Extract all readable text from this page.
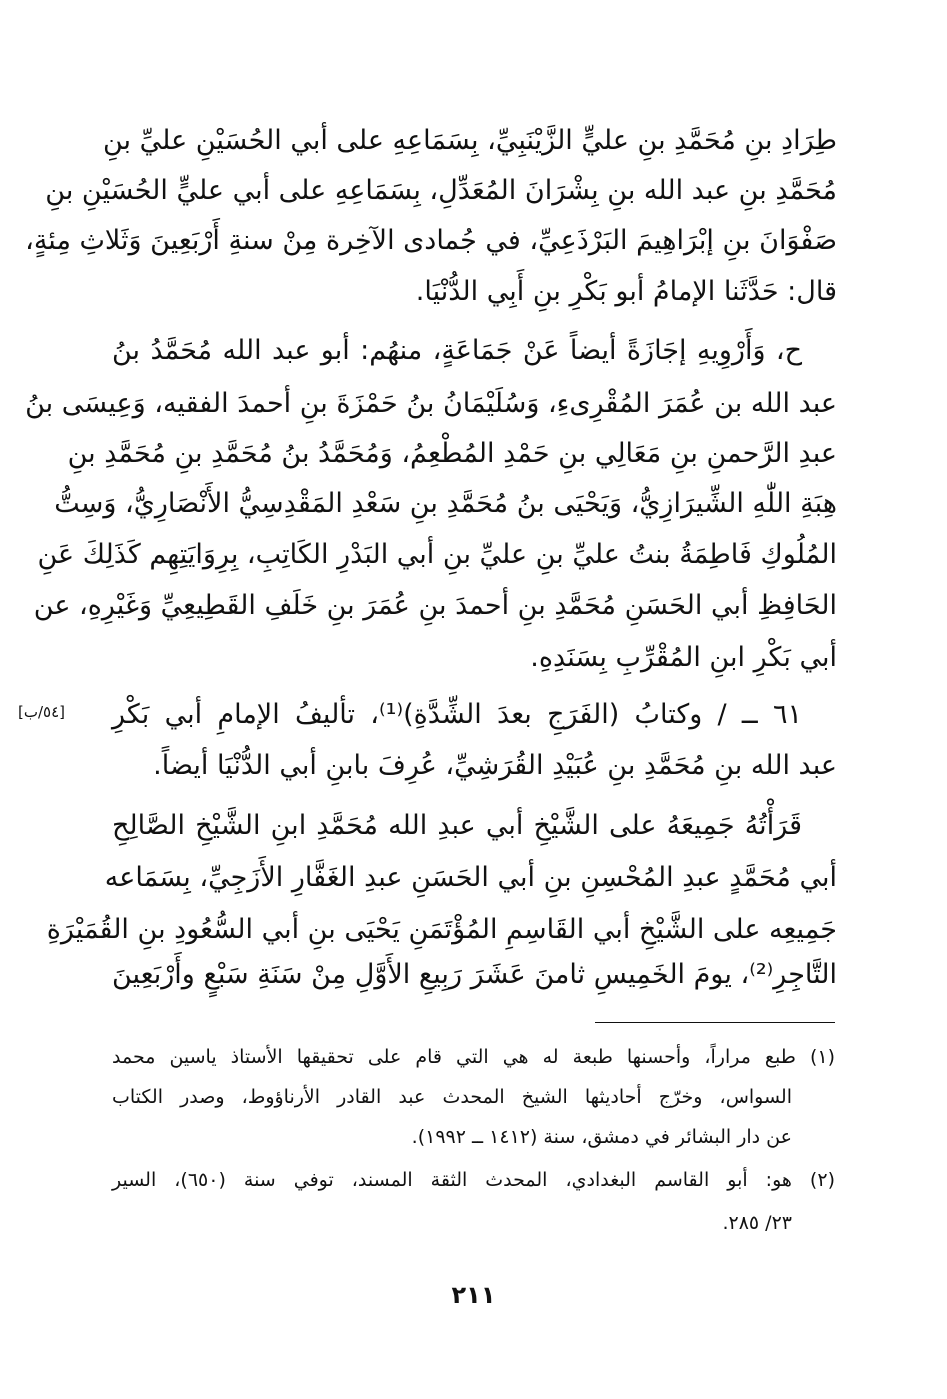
طِرَادِ بنِ مُحَمَّدِ بنِ عليٍّ الزَّيْنَبِيِّ، بِسَمَاعِهِ على أبي الحُسَيْنِ عليِّ بنِ
مُحَمَّدِ بنِ عبد الله بنِ بِشْرَانَ المُعَدِّلِ، بِسَمَاعِهِ على أبي عليٍّ الحُسَيْنِ بنِ
صَفْوَانَ بنِ إبْرَاهِيمَ البَرْذَعِيِّ، في جُمادى الآخِرة مِنْ سنةِ أَرْبَعِينَ وَثَلاثِ مِئةٍ،
قال: حَدَّثَنا الإمامُ أبو بَكْرِ بنِ أَبِي الدُّنْيَا.
ح، وَأَرْوِيهِ إجَازَةً أيضاً عَنْ جَمَاعَةٍ، منهُم: أبو عبد الله مُحَمَّدُ بنُ
عبد الله بن عُمَرَ المُقْرِىءِ، وَسُلَيْمَانُ بنُ حَمْزَةَ بنِ أحمدَ الفقيه، وَعِيسَى بنُ
عبدِ الرَّحمنِ بنِ مَعَالِي بنِ حَمْدِ المُطْعِمُ، وَمُحَمَّدُ بنُ مُحَمَّدِ بنِ مُحَمَّدِ بنِ
هِبَةِ اللّٰهِ الشِّيرَازِيُّ، وَيَحْيَى بنُ مُحَمَّدِ بنِ سَعْدِ المَقْدِسِيُّ الأَنْصَارِيُّ، وَسِتُّ
المُلُوكِ فَاطِمَةُ بنتُ عليِّ بنِ عليِّ بنِ أبي البَدْرِ الكَاتِبِ، بِرِوَايَتِهِم كَذَلِكَ عَنِ
الحَافِظِ أبي الحَسَنِ مُحَمَّدِ بنِ أحمدَ بنِ عُمَرَ بنِ خَلَفِ القَطِيعِيِّ وَغَيْرِهِ، عن
أبي بَكْرِ ابنِ المُقْرِّبِ بِسَنَدِهِ.
٦١ ــ / وكتابُ (الفَرَجِ بعدَ الشِّدَّةِ)⁽¹⁾، تأليفُ الإمامِ أبي بَكْرِ
عبد الله بنِ مُحَمَّدِ بنِ عُبَيْدِ القُرَشِيِّ، عُرِفَ بابنِ أبي الدُّنْيَا أيضاً.
[٥٤/ب]
قَرَأْتُهُ جَمِيعَهُ على الشَّيْخِ أبي عبدِ الله مُحَمَّدِ ابنِ الشَّيْخِ الصَّالِحِ
أبي مُحَمَّدٍ عبدِ المُحْسِنِ بنِ أبي الحَسَنِ عبدِ الغَفَّارِ الأَزَجِيِّ، بِسَمَاعه
جَمِيعِه على الشَّيْخِ أبي القَاسِمِ المُؤْتَمَنِ يَحْيَى بنِ أبي السُّعُودِ بنِ القُمَيْرَةِ
التَّاجِرِ⁽²⁾، يومَ الخَمِيسِ ثامنَ عَشَرَ رَبِيعِ الأَوَّلِ مِنْ سَنَةِ سَبْعٍ وأَرْبَعِينَ
(١) طبع مراراً، وأحسنها طبعة له هي التي قام على تحقيقها الأستاذ ياسين محمد
السواس، وخرّج أحاديثها الشيخ المحدث عبد القادر الأرناؤوط، وصدر الكتاب
عن دار البشائر في دمشق، سنة (١٤١٢ ــ ١٩٩٢).
(٢) هو: أبو القاسم البغدادي، المحدث الثقة المسند، توفي سنة (٦٥٠)، السير
٢٣/ ٢٨٥.
٢١١
